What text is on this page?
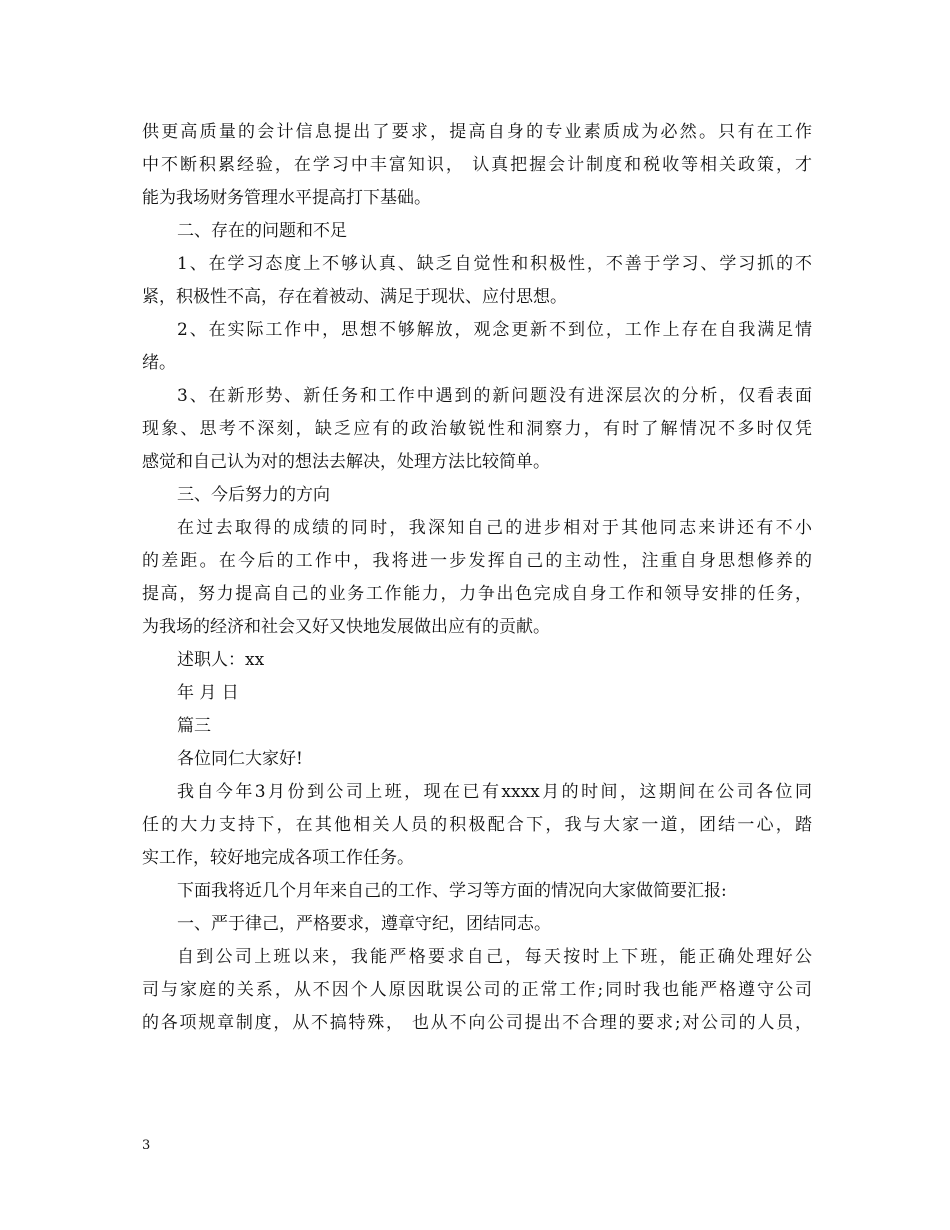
供更高质量的会计信息提出了要求，提高自身的专业素质成为必然。只有在工作
中不断积累经验，在学习中丰富知识， 认真把握会计制度和税收等相关政策，才
能为我场财务管理水平提高打下基础。
二、存在的问题和不足
1、在学习态度上不够认真、缺乏自觉性和积极性，不善于学习、学习抓的不
紧，积极性不高，存在着被动、满足于现状、应付思想。
2、在实际工作中，思想不够解放，观念更新不到位，工作上存在自我满足情
绪。
3、在新形势、新任务和工作中遇到的新问题没有进深层次的分析，仅看表面
现象、思考不深刻，缺乏应有的政治敏锐性和洞察力，有时了解情况不多时仅凭
感觉和自己认为对的想法去解决，处理方法比较简单。
三、今后努力的方向
在过去取得的成绩的同时，我深知自己的进步相对于其他同志来讲还有不小
的差距。在今后的工作中，我将进一步发挥自己的主动性，注重自身思想修养的
提高，努力提高自己的业务工作能力，力争出色完成自身工作和领导安排的任务，
为我场的经济和社会又好又快地发展做出应有的贡献。
述职人：xx
年 月 日
篇三
各位同仁大家好!
我自今年3月份到公司上班，现在已有xxxx月的时间，这期间在公司各位同
任的大力支持下，在其他相关人员的积极配合下，我与大家一道，团结一心，踏
实工作，较好地完成各项工作任务。
下面我将近几个月年来自己的工作、学习等方面的情况向大家做简要汇报:
一、严于律己，严格要求，遵章守纪，团结同志。
自到公司上班以来，我能严格要求自己，每天按时上下班，能正确处理好公
司与家庭的关系，从不因个人原因耽误公司的正常工作;同时我也能严格遵守公司
的各项规章制度，从不搞特殊， 也从不向公司提出不合理的要求;对公司的人员，
3
